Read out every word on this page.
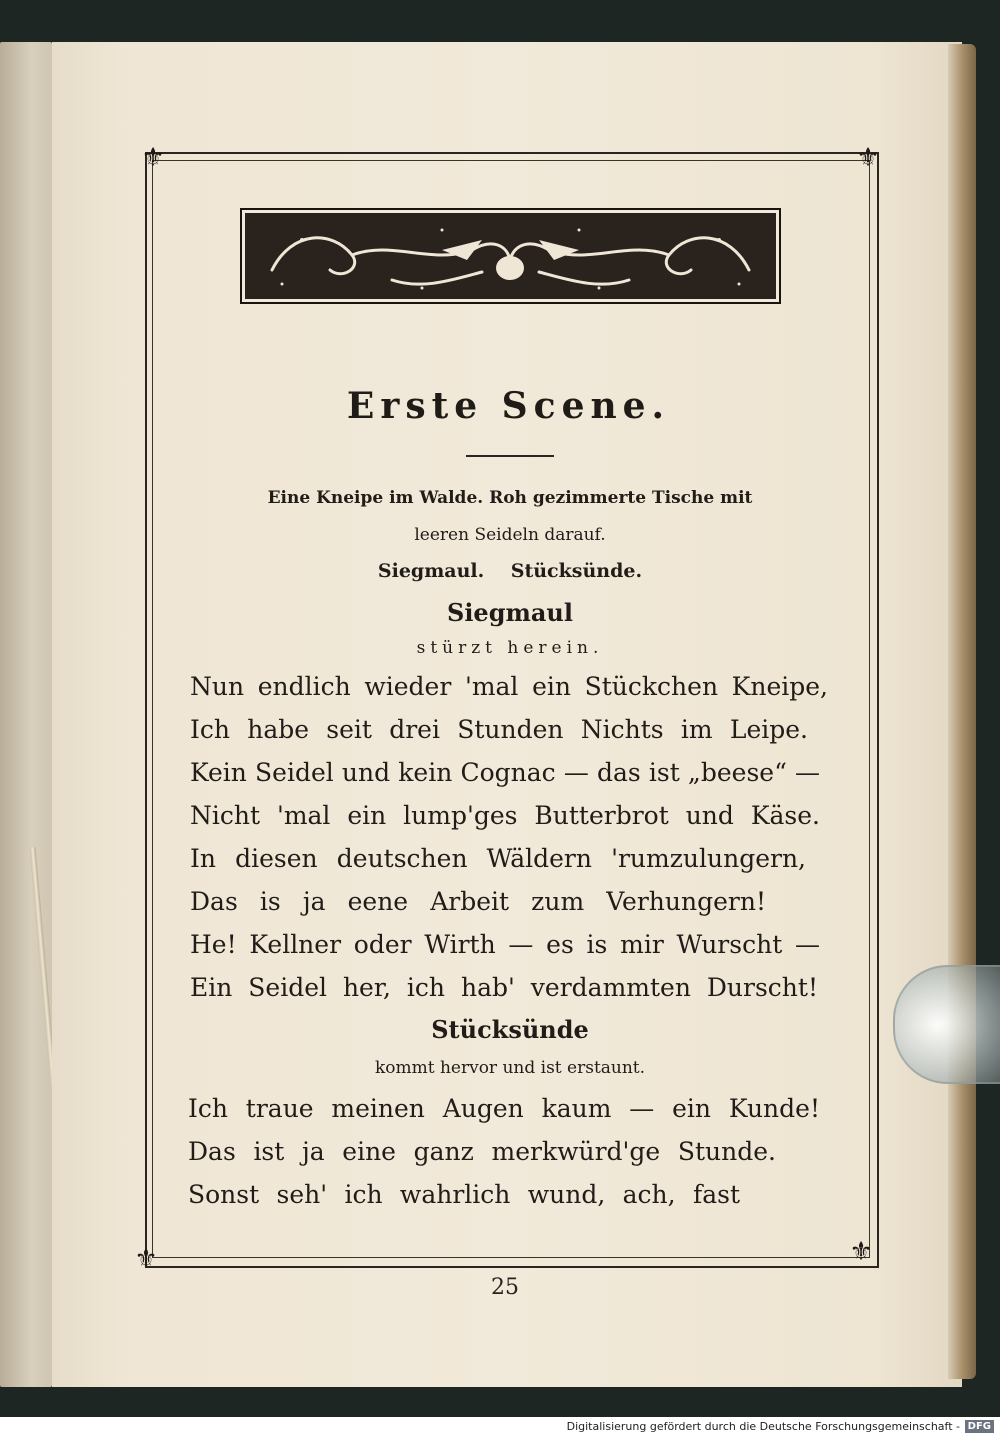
⚜	⚜
⚜	⚜
Erste Scene.
Eine Kneipe im Walde. Roh gezimmerte Tische mit
leeren Seideln darauf.
Siegmaul.    Stücksünde.
Siegmaul
stürzt herein.
Nun endlich wieder 'mal ein Stückchen Kneipe,
Ich habe seit drei Stunden Nichts im Leipe.
Kein Seidel und kein Cognac — das ist „beese“ —
Nicht 'mal ein lump'ges Butterbrot und Käse.
In diesen deutschen Wäldern 'rumzulungern,
Das is ja eene Arbeit zum Verhungern!
He! Kellner oder Wirth — es is mir Wurscht —
Ein Seidel her, ich hab' verdammten Durscht!
Stücksünde
kommt hervor und ist erstaunt.
Ich traue meinen Augen kaum — ein Kunde!
Das ist ja eine ganz merkwürd'ge Stunde.
Sonst seh' ich wahrlich wund, ach, fast
25
Digitalisierung gefördert durch die Deutsche Forschungsgemeinschaft - DFG
